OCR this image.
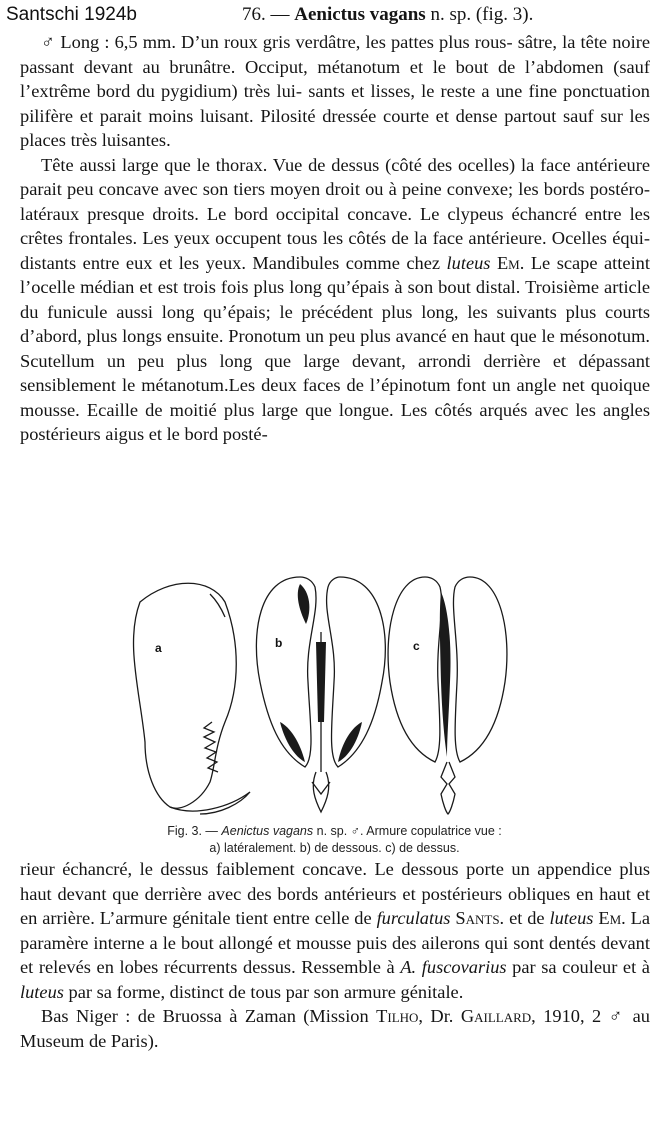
Santschi 1924b	76. — Aenictus vagans n. sp. (fig. 3).

♂ Long : 6,5 mm. D’un roux gris verdâtre, les pattes plus rous- sâtre, la tête noire passant devant au brunâtre. Occiput, métanotum et le bout de l’abdomen (sauf l’extrême bord du pygidium) très lui- sants et lisses, le reste a une fine ponctuation pilifère et parait moins luisant. Pilosité dressée courte et dense partout sauf sur les places très luisantes.

Tête aussi large que le thorax. Vue de dessus (côté des ocelles) la face antérieure parait peu concave avec son tiers moyen droit ou à peine convexe; les bords postéro-latéraux presque droits. Le bord occipital concave. Le clypeus échancré entre les crêtes frontales. Les yeux occupent tous les côtés de la face antérieure. Ocelles équi- distants entre eux et les yeux. Mandibules comme chez luteus Em. Le scape atteint l’ocelle médian et est trois fois plus long qu’épais à son bout distal. Troisième article du funicule aussi long qu’épais; le précédent plus long, les suivants plus courts d’abord, plus longs ensuite. Pronotum un peu plus avancé en haut que le mésonotum. Scutellum un peu plus long que large devant, arrondi derrière et dépassant sensiblement le métanotum.Les deux faces de l’épinotum font un angle net quoique mousse. Ecaille de moitié plus large que longue. Les côtés arqués avec les angles postérieurs aigus et le bord posté-

a	b	c
Fig. 3. — Aenictus vagans n. sp. ♂. Armure copulatrice vue :
a) latéralement. b) de dessous. c) de dessus.

rieur échancré, le dessus faiblement concave. Le dessous porte un appendice plus haut devant que derrière avec des bords antérieurs et postérieurs obliques en haut et en arrière. L’armure génitale tient entre celle de furculatus Sants. et de luteus Em. La paramère interne a le bout allongé et mousse puis des ailerons qui sont dentés devant et relevés en lobes récurrents dessus. Ressemble à A. fuscovarius par sa couleur et à luteus par sa forme, distinct de tous par son armure génitale.

Bas Niger : de Bruossa à Zaman (Mission Tilho, Dr. Gaillard, 1910, 2 ♂ au Museum de Paris).
